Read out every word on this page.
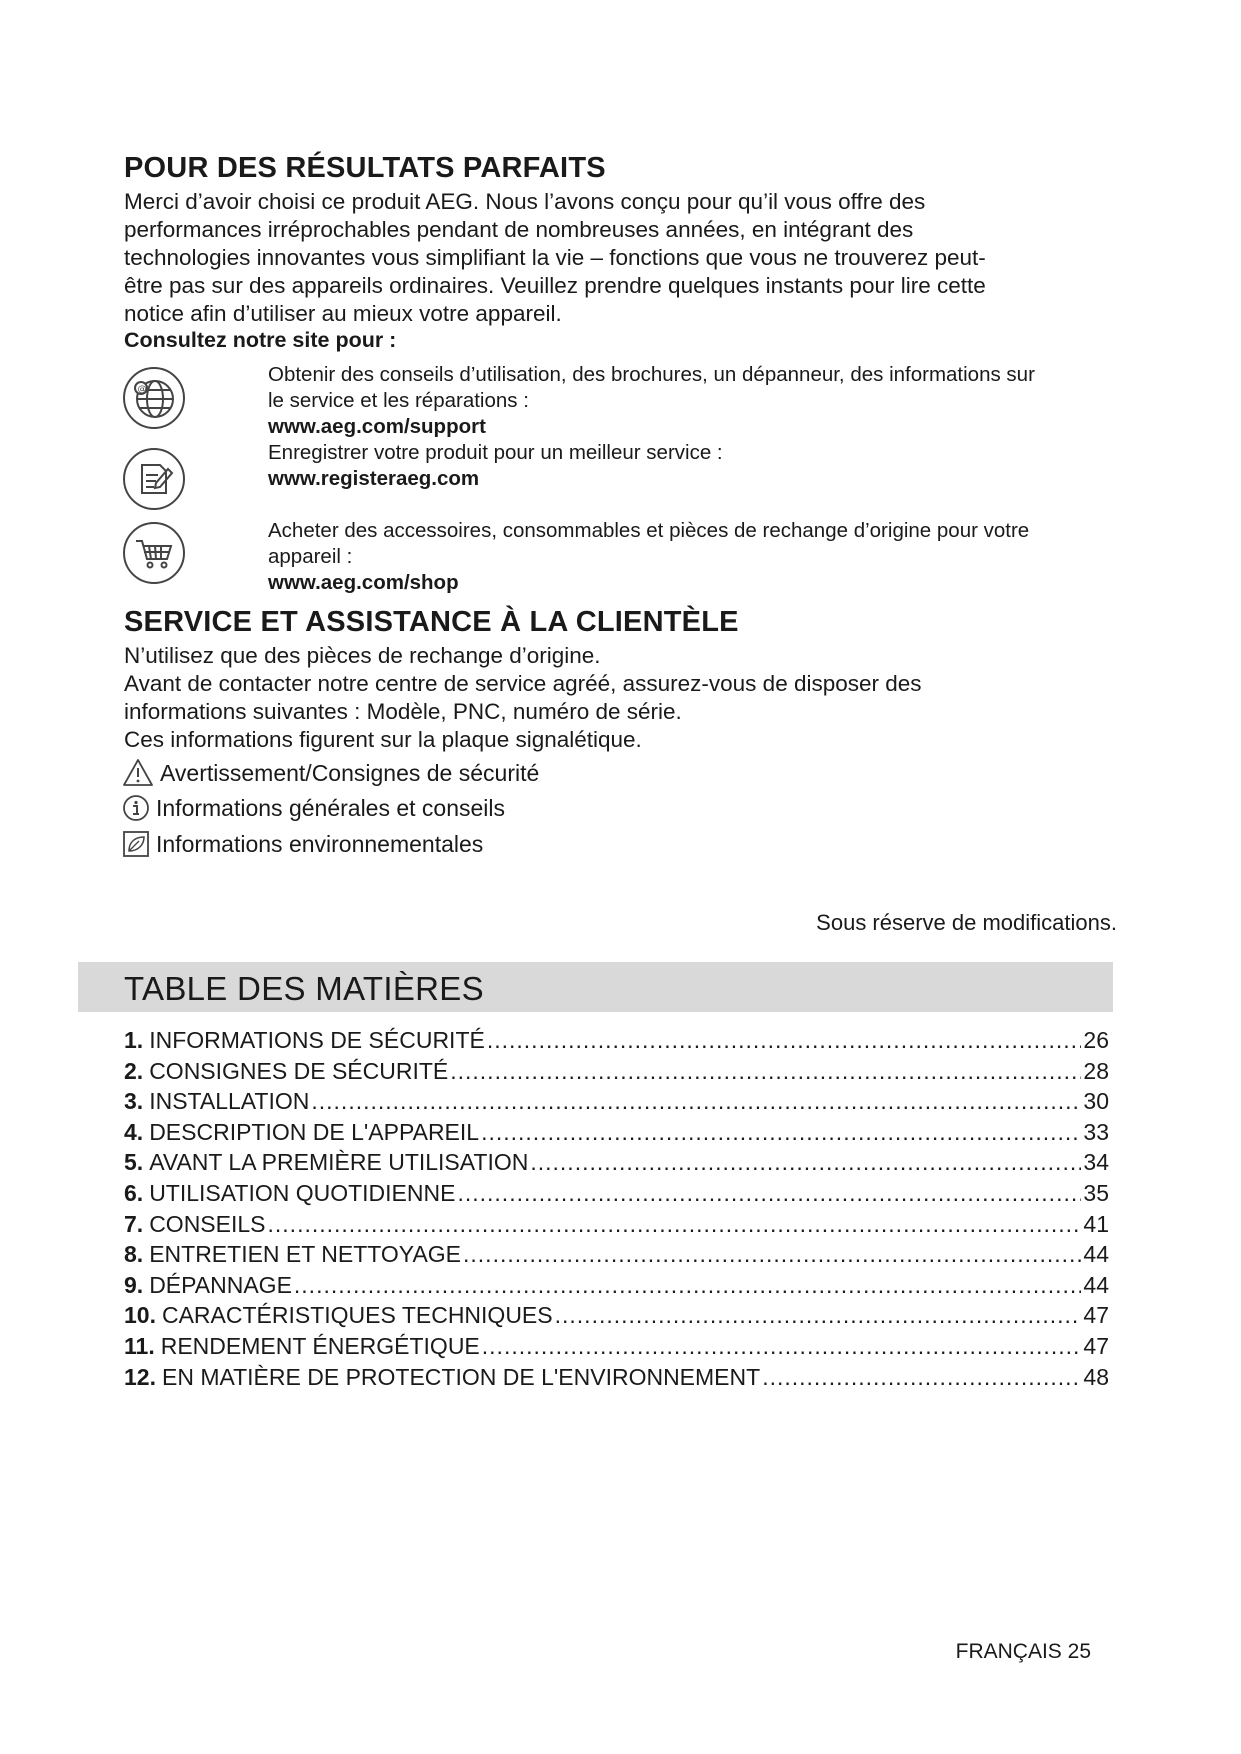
POUR DES RÉSULTATS PARFAITS

Merci d’avoir choisi ce produit AEG. Nous l’avons conçu pour qu’il vous offre des

performances irréprochables pendant de nombreuses années, en intégrant des

technologies innovantes vous simplifiant la vie – fonctions que vous ne trouverez peut-

être pas sur des appareils ordinaires. Veuillez prendre quelques instants pour lire cette

notice afin d’utiliser au mieux votre appareil.

Consultez notre site pour :
@
Obtenir des conseils d’utilisation, des brochures, un dépanneur, des informations sur
le service et les réparations :
www.aeg.com/support
Enregistrer votre produit pour un meilleur service :
www.registeraeg.com
Acheter des accessoires, consommables et pièces de rechange d’origine pour votre
appareil :
www.aeg.com/shop
SERVICE ET ASSISTANCE À LA CLIENTÈLE

N’utilisez que des pièces de rechange d’origine.

Avant de contacter notre centre de service agréé, assurez-vous de disposer des

informations suivantes : Modèle, PNC, numéro de série.

Ces informations figurent sur la plaque signalétique.

Avertissement/Consignes de sécurité
Informations générales et conseils
Informations environnementales
Sous réserve de modifications.
TABLE DES MATIÈRES
1. INFORMATIONS DE SÉCURITÉ .....	26
2. CONSIGNES DE SÉCURITÉ .....	28
3. INSTALLATION .....	30
4. DESCRIPTION DE L'APPAREIL .....	33
5. AVANT LA PREMIÈRE UTILISATION .....	34
6. UTILISATION QUOTIDIENNE .....	35
7. CONSEILS .....	41
8. ENTRETIEN ET NETTOYAGE .....	44
9. DÉPANNAGE .....	44
10. CARACTÉRISTIQUES TECHNIQUES .....	47
11. RENDEMENT ÉNERGÉTIQUE .....	47
12. EN MATIÈRE DE PROTECTION DE L'ENVIRONNEMENT .....	48
FRANÇAIS 25
